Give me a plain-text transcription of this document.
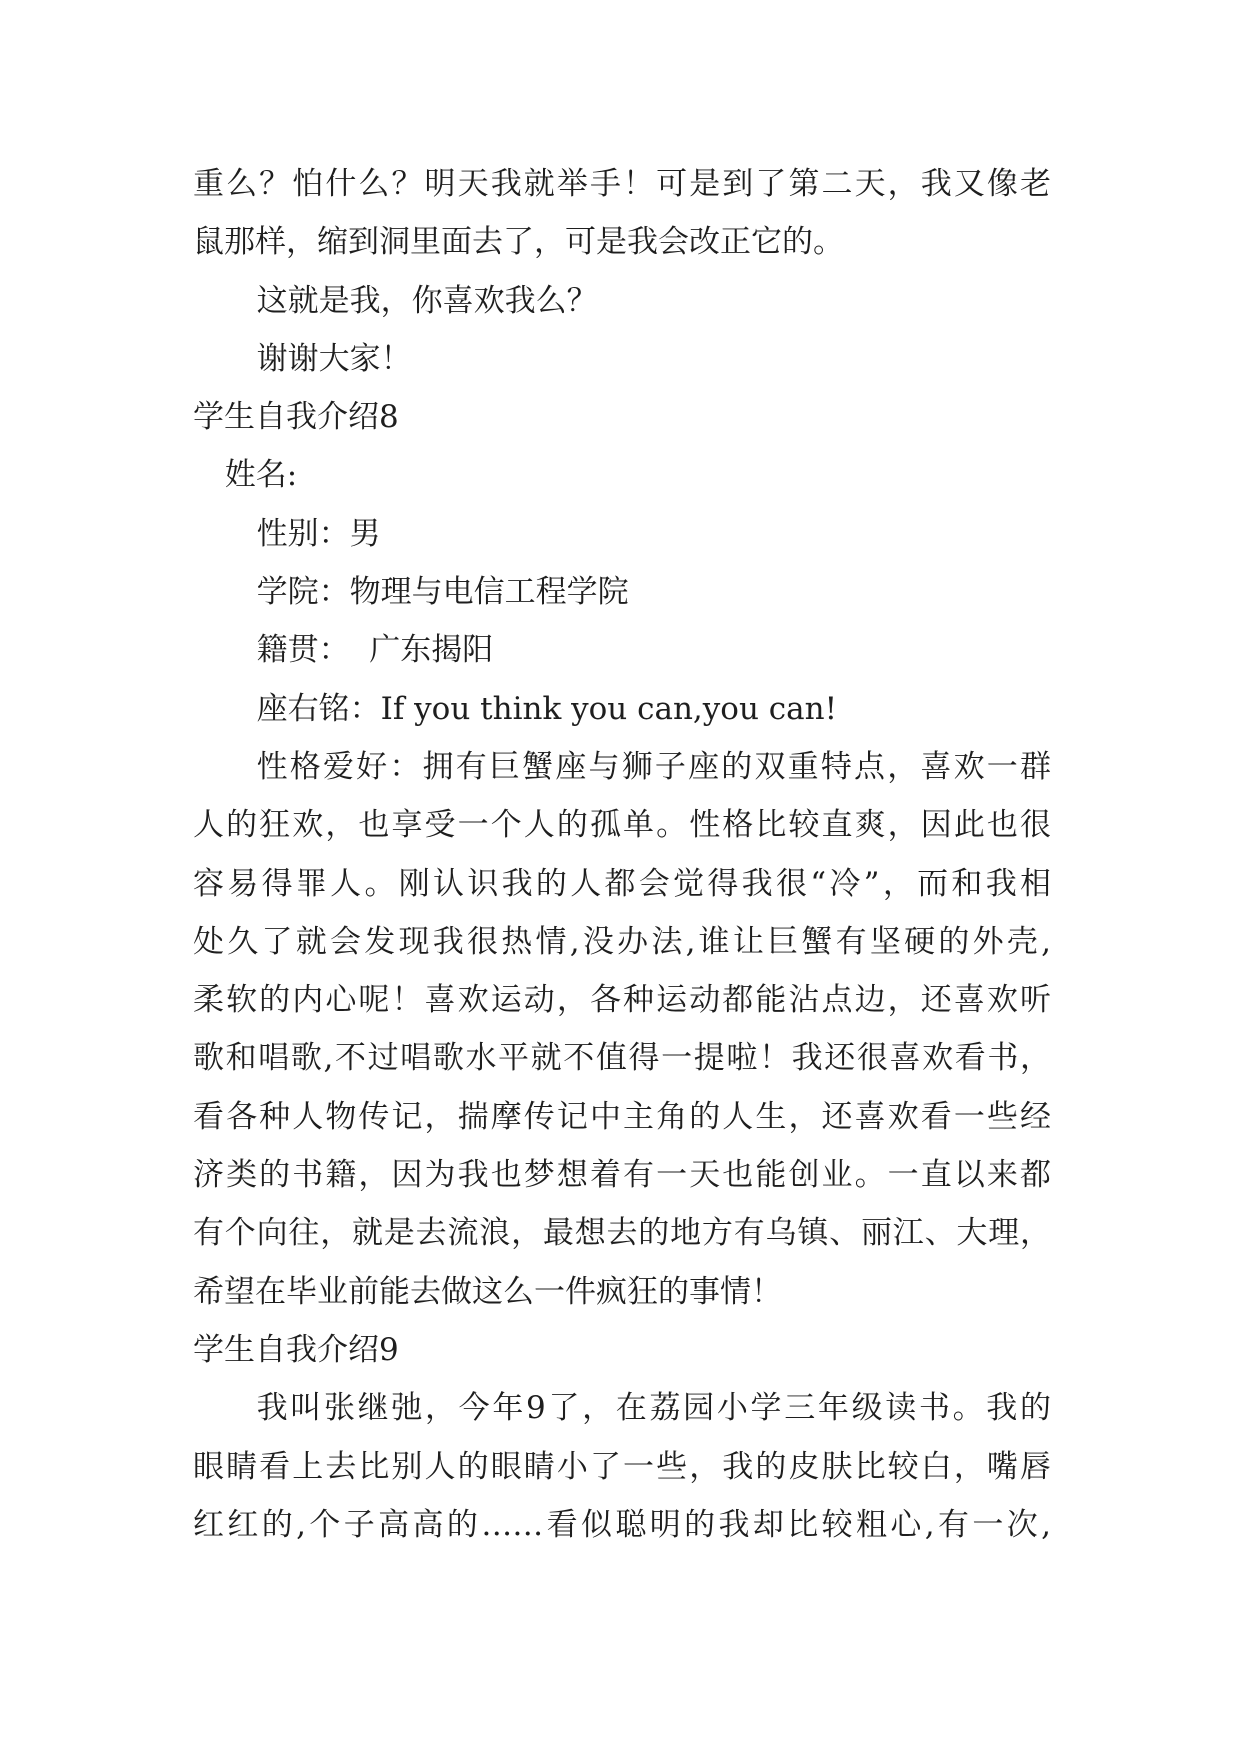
重么？怕什么？明天我就举手！可是到了第二天，我又像老
鼠那样，缩到洞里面去了，可是我会改正它的。
这就是我，你喜欢我么？
谢谢大家！
学生自我介绍8
姓名:
性别：男
学院：物理与电信工程学院
籍贯：  广东揭阳
座右铭：If you think you can,you can!
性格爱好：拥有巨蟹座与狮子座的双重特点，喜欢一群
人的狂欢，也享受一个人的孤单。性格比较直爽，因此也很
容易得罪人。刚认识我的人都会觉得我很“冷”，而和我相
处久了就会发现我很热情,没办法,谁让巨蟹有坚硬的外壳,
柔软的内心呢！喜欢运动，各种运动都能沾点边，还喜欢听
歌和唱歌,不过唱歌水平就不值得一提啦！我还很喜欢看书，
看各种人物传记，揣摩传记中主角的人生，还喜欢看一些经
济类的书籍，因为我也梦想着有一天也能创业。一直以来都
有个向往，就是去流浪，最想去的地方有乌镇、丽江、大理，
希望在毕业前能去做这么一件疯狂的事情！
学生自我介绍9
我叫张继弛，今年9了，在荔园小学三年级读书。我的
眼睛看上去比别人的眼睛小了一些，我的皮肤比较白，嘴唇
红红的,个子高高的……看似聪明的我却比较粗心,有一次,
